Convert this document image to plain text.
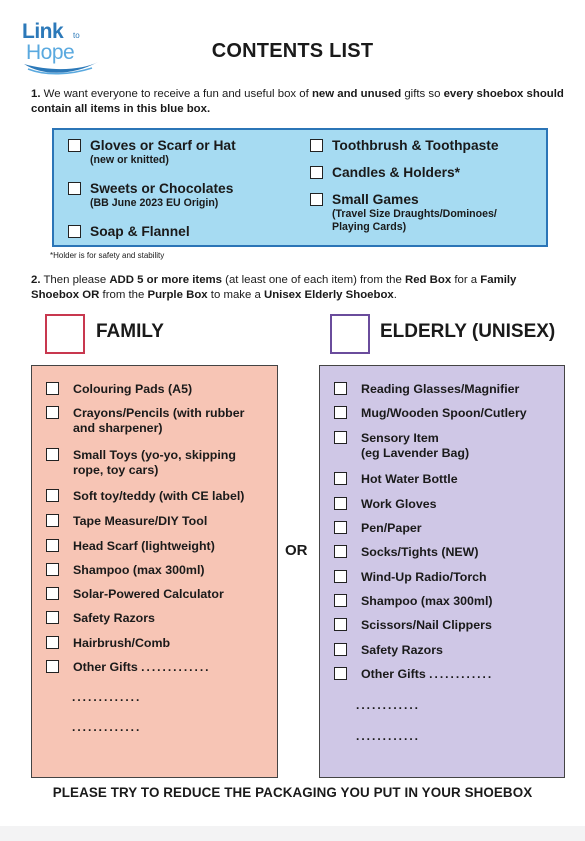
Link to
Hope	CONTENTS LIST
1. We want everyone to receive a fun and useful box of new and unused gifts so every shoebox should contain all items in this blue box.
Gloves or Scarf or Hat
(new or knitted)
Sweets or Chocolates
(BB June 2023 EU Origin)
Soap & Flannel
Toothbrush & Toothpaste
Candles & Holders*
Small Games
(Travel Size Draughts/Dominoes/
Playing Cards)
*Holder is for safety and stability
2. Then please ADD 5 or more items (at least one of each item) from the Red Box for a Family Shoebox OR from the Purple Box to make a Unisex Elderly Shoebox.
FAMILY	ELDERLY (UNISEX)
Colouring Pads (A5)
Crayons/Pencils (with rubber
and sharpener)
Small Toys (yo-yo, skipping
rope, toy cars)
Soft toy/teddy (with CE label)
Tape Measure/DIY Tool
Head Scarf (lightweight)
Shampoo (max 300ml)
Solar-Powered Calculator
Safety Razors
Hairbrush/Comb
Other Gifts .............
.............
.............
OR
Reading Glasses/Magnifier
Mug/Wooden Spoon/Cutlery
Sensory Item
(eg Lavender Bag)
Hot Water Bottle
Work Gloves
Pen/Paper
Socks/Tights (NEW)
Wind-Up Radio/Torch
Shampoo (max 300ml)
Scissors/Nail Clippers
Safety Razors
Other Gifts ............
............
............
PLEASE TRY TO REDUCE THE PACKAGING YOU PUT IN YOUR SHOEBOX
